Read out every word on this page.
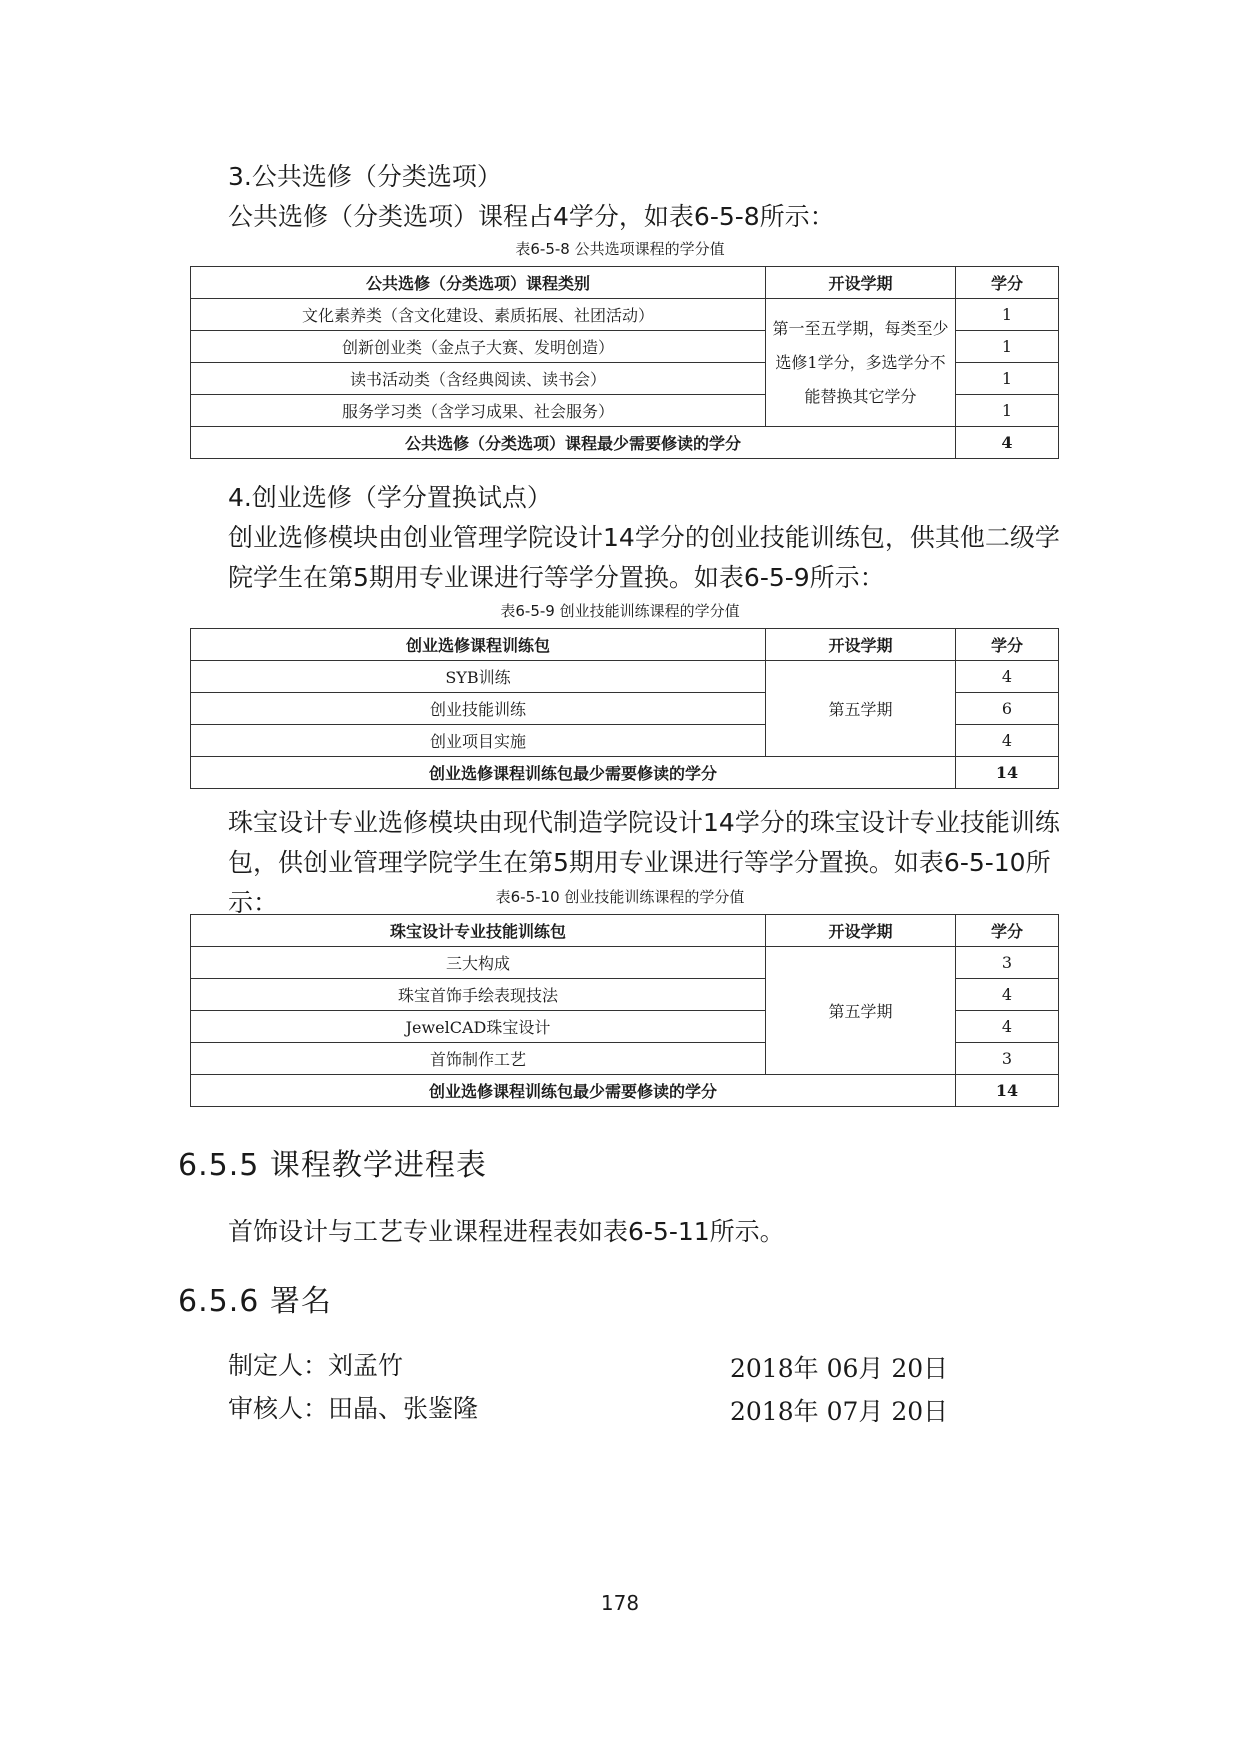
3.公共选修（分类选项）
公共选修（分类选项）课程占4学分，如表6-5-8所示：
表6-5-8 公共选项课程的学分值
公共选修（分类选项）课程类别	开设学期	学分
文化素养类（含文化建设、素质拓展、社团活动）	第一至五学期，每类至少选修1学分，多选学分不能替换其它学分	1
创新创业类（金点子大赛、发明创造）		1
读书活动类（含经典阅读、读书会）		1
服务学习类（含学习成果、社会服务）		1
公共选修（分类选项）课程最少需要修读的学分		4
4.创业选修（学分置换试点）
创业选修模块由创业管理学院设计14学分的创业技能训练包，供其他二级学院学生在第5期用专业课进行等学分置换。如表6-5-9所示：
表6-5-9 创业技能训练课程的学分值
创业选修课程训练包	开设学期	学分
SYB训练	第五学期	4
创业技能训练		6
创业项目实施		4
创业选修课程训练包最少需要修读的学分		14
珠宝设计专业选修模块由现代制造学院设计14学分的珠宝设计专业技能训练包，供创业管理学院学生在第5期用专业课进行等学分置换。如表6-5-10所示：	表6-5-10 创业技能训练课程的学分值
珠宝设计专业技能训练包	开设学期	学分
三大构成	第五学期	3
珠宝首饰手绘表现技法		4
JewelCAD珠宝设计		4
首饰制作工艺		3
创业选修课程训练包最少需要修读的学分		14
6.5.5 课程教学进程表
首饰设计与工艺专业课程进程表如表6-5-11所示。
6.5.6 署名
制定人：刘孟竹	2018年 06月 20日
审核人：田晶、张鉴隆	2018年 07月 20日
178
